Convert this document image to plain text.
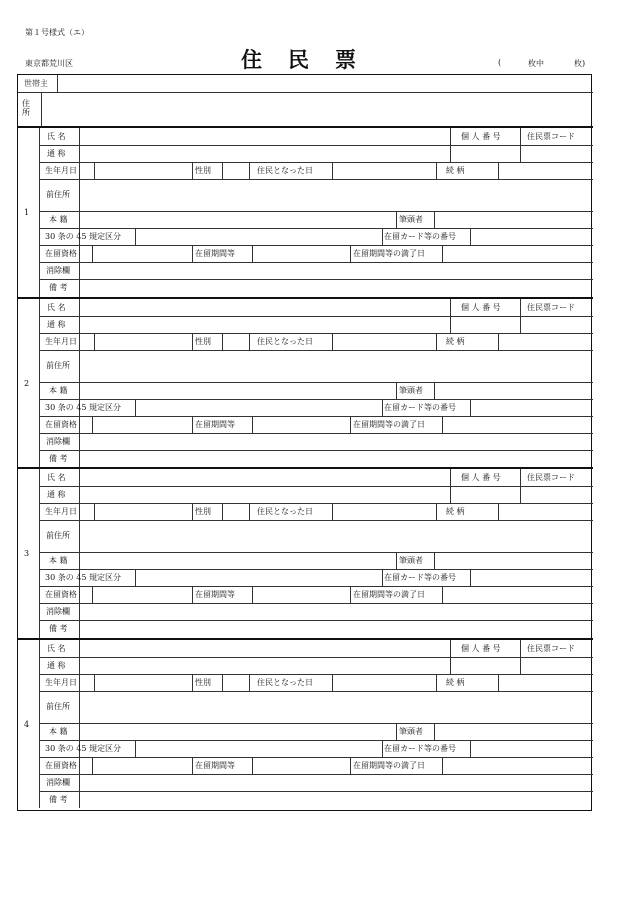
第１号様式（エ）
東京都荒川区	住民票	(	枚中	枚)
世帯主
住所
1
氏 名	個 人 番 号	住民票コード
通 称
生年月日	性別	住民となった日	続 柄
前住所
本 籍	筆頭者
30 条の 45 規定区分	在留カード等の番号
在留資格	在留期間等	在留期間等の満了日
消除欄
備 考
2
氏 名	個 人 番 号	住民票コード
通 称
生年月日	性別	住民となった日	続 柄
前住所
本 籍	筆頭者
30 条の 45 規定区分	在留カード等の番号
在留資格	在留期間等	在留期間等の満了日
消除欄
備 考
3
氏 名	個 人 番 号	住民票コード
通 称
生年月日	性別	住民となった日	続 柄
前住所
本 籍	筆頭者
30 条の 45 規定区分	在留カード等の番号
在留資格	在留期間等	在留期間等の満了日
消除欄
備 考
4
氏 名	個 人 番 号	住民票コード
通 称
生年月日	性別	住民となった日	続 柄
前住所
本 籍	筆頭者
30 条の 45 規定区分	在留カード等の番号
在留資格	在留期間等	在留期間等の満了日
消除欄
備 考
